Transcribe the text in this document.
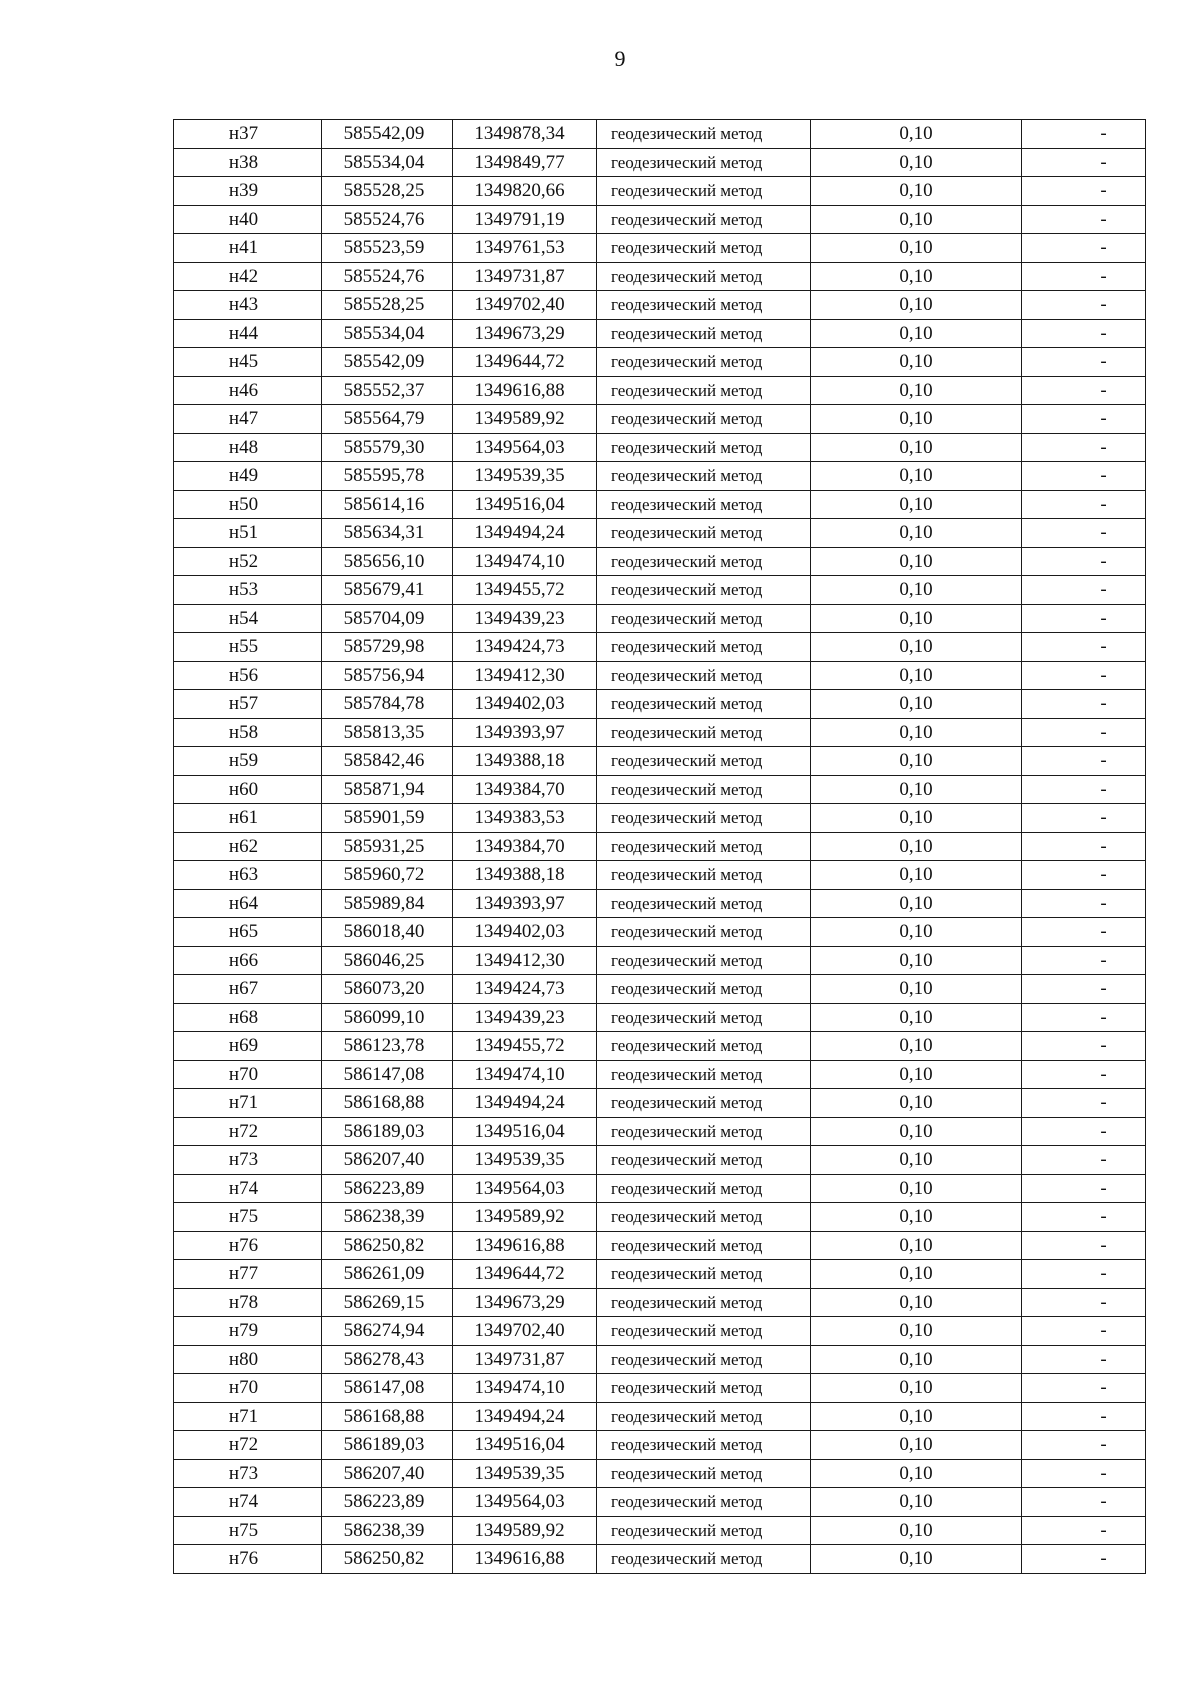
9
н37	585542,09	1349878,34	геодезический метод	0,10	-
н38	585534,04	1349849,77	геодезический метод	0,10	-
н39	585528,25	1349820,66	геодезический метод	0,10	-
н40	585524,76	1349791,19	геодезический метод	0,10	-
н41	585523,59	1349761,53	геодезический метод	0,10	-
н42	585524,76	1349731,87	геодезический метод	0,10	-
н43	585528,25	1349702,40	геодезический метод	0,10	-
н44	585534,04	1349673,29	геодезический метод	0,10	-
н45	585542,09	1349644,72	геодезический метод	0,10	-
н46	585552,37	1349616,88	геодезический метод	0,10	-
н47	585564,79	1349589,92	геодезический метод	0,10	-
н48	585579,30	1349564,03	геодезический метод	0,10	-
н49	585595,78	1349539,35	геодезический метод	0,10	-
н50	585614,16	1349516,04	геодезический метод	0,10	-
н51	585634,31	1349494,24	геодезический метод	0,10	-
н52	585656,10	1349474,10	геодезический метод	0,10	-
н53	585679,41	1349455,72	геодезический метод	0,10	-
н54	585704,09	1349439,23	геодезический метод	0,10	-
н55	585729,98	1349424,73	геодезический метод	0,10	-
н56	585756,94	1349412,30	геодезический метод	0,10	-
н57	585784,78	1349402,03	геодезический метод	0,10	-
н58	585813,35	1349393,97	геодезический метод	0,10	-
н59	585842,46	1349388,18	геодезический метод	0,10	-
н60	585871,94	1349384,70	геодезический метод	0,10	-
н61	585901,59	1349383,53	геодезический метод	0,10	-
н62	585931,25	1349384,70	геодезический метод	0,10	-
н63	585960,72	1349388,18	геодезический метод	0,10	-
н64	585989,84	1349393,97	геодезический метод	0,10	-
н65	586018,40	1349402,03	геодезический метод	0,10	-
н66	586046,25	1349412,30	геодезический метод	0,10	-
н67	586073,20	1349424,73	геодезический метод	0,10	-
н68	586099,10	1349439,23	геодезический метод	0,10	-
н69	586123,78	1349455,72	геодезический метод	0,10	-
н70	586147,08	1349474,10	геодезический метод	0,10	-
н71	586168,88	1349494,24	геодезический метод	0,10	-
н72	586189,03	1349516,04	геодезический метод	0,10	-
н73	586207,40	1349539,35	геодезический метод	0,10	-
н74	586223,89	1349564,03	геодезический метод	0,10	-
н75	586238,39	1349589,92	геодезический метод	0,10	-
н76	586250,82	1349616,88	геодезический метод	0,10	-
н77	586261,09	1349644,72	геодезический метод	0,10	-
н78	586269,15	1349673,29	геодезический метод	0,10	-
н79	586274,94	1349702,40	геодезический метод	0,10	-
н80	586278,43	1349731,87	геодезический метод	0,10	-
н70	586147,08	1349474,10	геодезический метод	0,10	-
н71	586168,88	1349494,24	геодезический метод	0,10	-
н72	586189,03	1349516,04	геодезический метод	0,10	-
н73	586207,40	1349539,35	геодезический метод	0,10	-
н74	586223,89	1349564,03	геодезический метод	0,10	-
н75	586238,39	1349589,92	геодезический метод	0,10	-
н76	586250,82	1349616,88	геодезический метод	0,10	-
